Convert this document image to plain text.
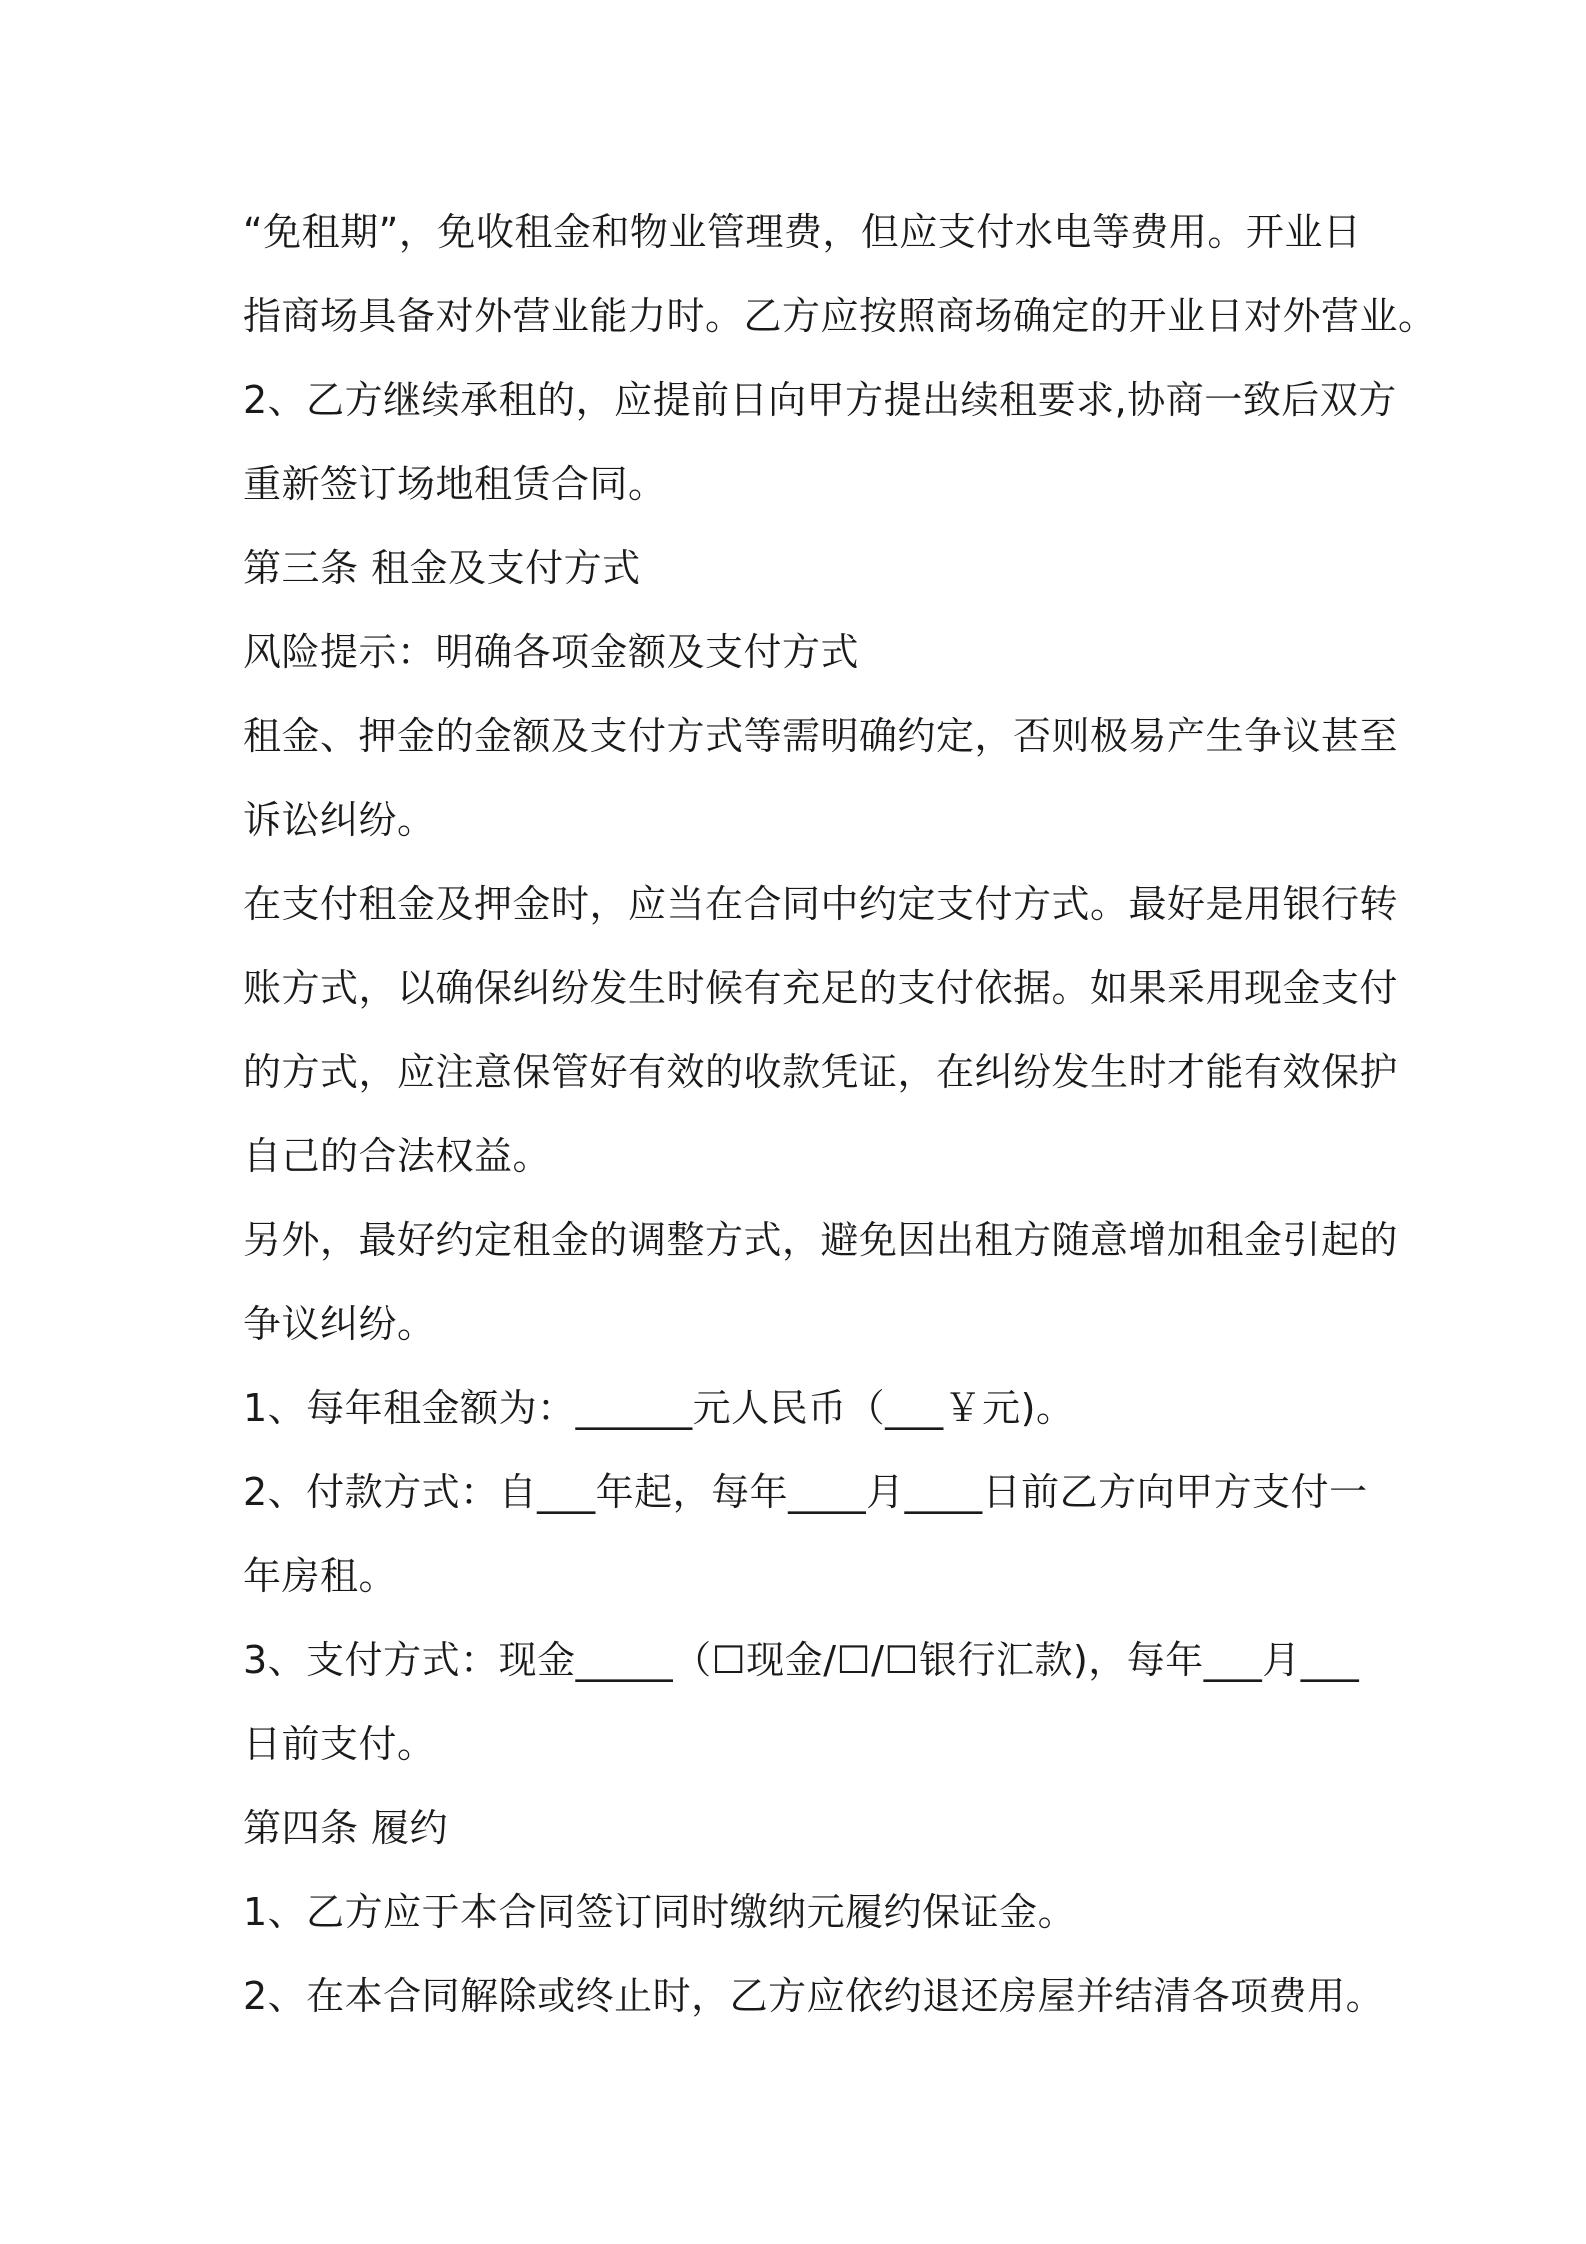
“免租期”，免收租金和物业管理费，但应支付水电等费用。开业日
指商场具备对外营业能力时。乙方应按照商场确定的开业日对外营业。
2、乙方继续承租的，应提前日向甲方提出续租要求,协商一致后双方
重新签订场地租赁合同。
第三条 租金及支付方式
风险提示：明确各项金额及支付方式
租金、押金的金额及支付方式等需明确约定，否则极易产生争议甚至
诉讼纠纷。
在支付租金及押金时，应当在合同中约定支付方式。最好是用银行转
账方式，以确保纠纷发生时候有充足的支付依据。如果采用现金支付
的方式，应注意保管好有效的收款凭证，在纠纷发生时才能有效保护
自己的合法权益。
另外，最好约定租金的调整方式，避免因出租方随意增加租金引起的
争议纠纷。
1、每年租金额为：______元人民币（___￥元)。
2、付款方式：自___年起，每年____月____日前乙方向甲方支付一
年房租。
3、支付方式：现金_____（☐现金/☐/☐银行汇款)，每年___月___
日前支付。
第四条 履约
1、乙方应于本合同签订同时缴纳元履约保证金。
2、在本合同解除或终止时，乙方应依约退还房屋并结清各项费用。
